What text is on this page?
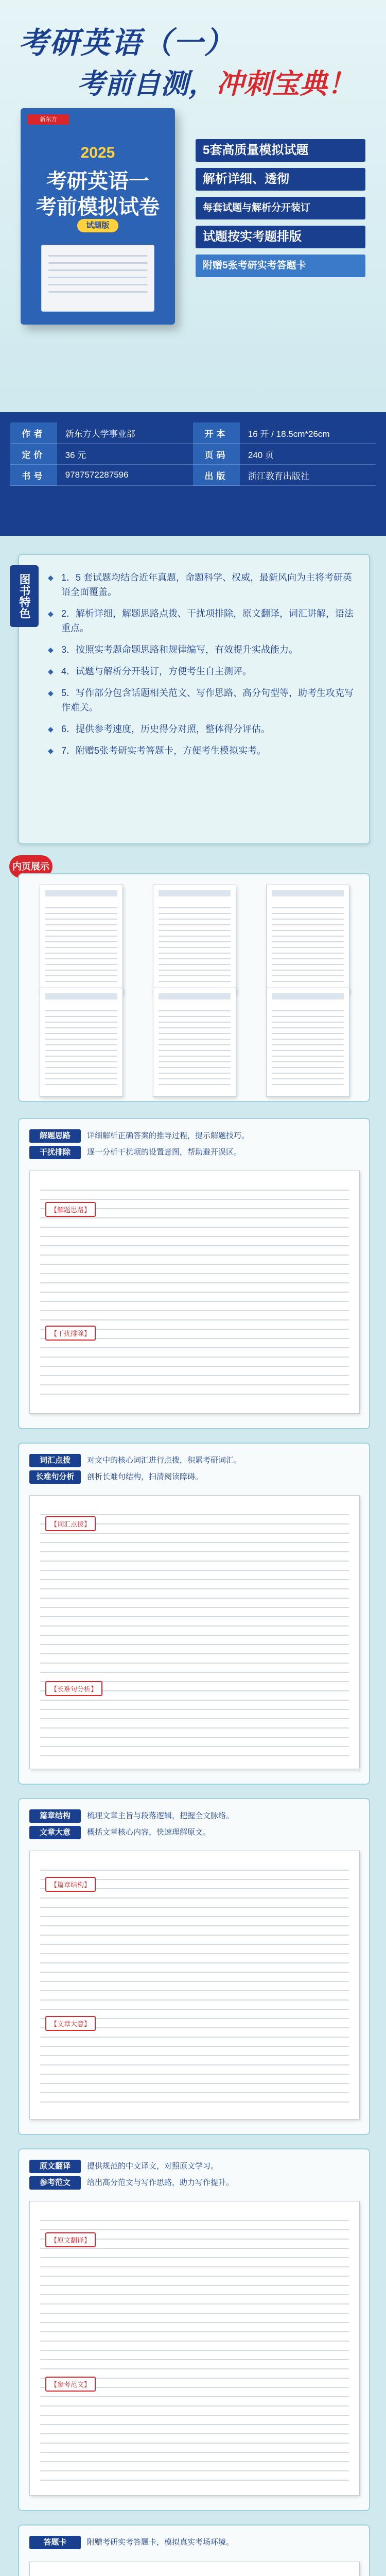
考研英语（一）
考前自测，冲刺宝典！
新东方
2025
考研英语一
考前模拟试卷
试题版
5套高质量模拟试题
解析详细、透彻
每套试题与解析分开装订
试题按实考题排版
附赠5张考研实考答题卡
作者	新东方大学事业部	开本	16 开 / 18.5cm*26cm
定价	36 元	页码	240 页
书号	9787572287596	出版	浙江教育出版社
图书特色	◆ 1．5 套试题均结合近年真题，命题科学、权威，最新风向为主将考研英语全面覆盖。
◆ 2．解析详细，解题思路点拨、干扰项排除，原文翻译，词汇讲解，语法重点。
◆ 3．按照实考题命题思路和规律编写，有效提升实战能力。
◆ 4．试题与解析分开装订，方便考生自主测评。
◆ 5．写作部分包含话题相关范文、写作思路、高分句型等，助考生攻克写作难关。
◆ 6．提供参考速度，历史得分对照，整体得分评估。
◆ 7．附赠5张考研实考答题卡，方便考生模拟实考。
内页展示
解题思路	详细解析正确答案的推导过程，提示解题技巧。
干扰排除	逐一分析干扰项的设置意图，帮助避开误区。
【解题思路】
【干扰排除】
词汇点拨	对文中的核心词汇进行点拨，积累考研词汇。
长难句分析	剖析长难句结构，扫清阅读障碍。
【词汇点拨】
【长难句分析】
篇章结构	梳理文章主旨与段落逻辑，把握全文脉络。
文章大意	概括文章核心内容，快速理解原文。
【篇章结构】
【文章大意】
原文翻译	提供规范的中文译文，对照原文学习。
参考范文	给出高分范文与写作思路，助力写作提升。
【原文翻译】
【参考范文】
答题卡	附赠考研实考答题卡，模拟真实考场环境。
